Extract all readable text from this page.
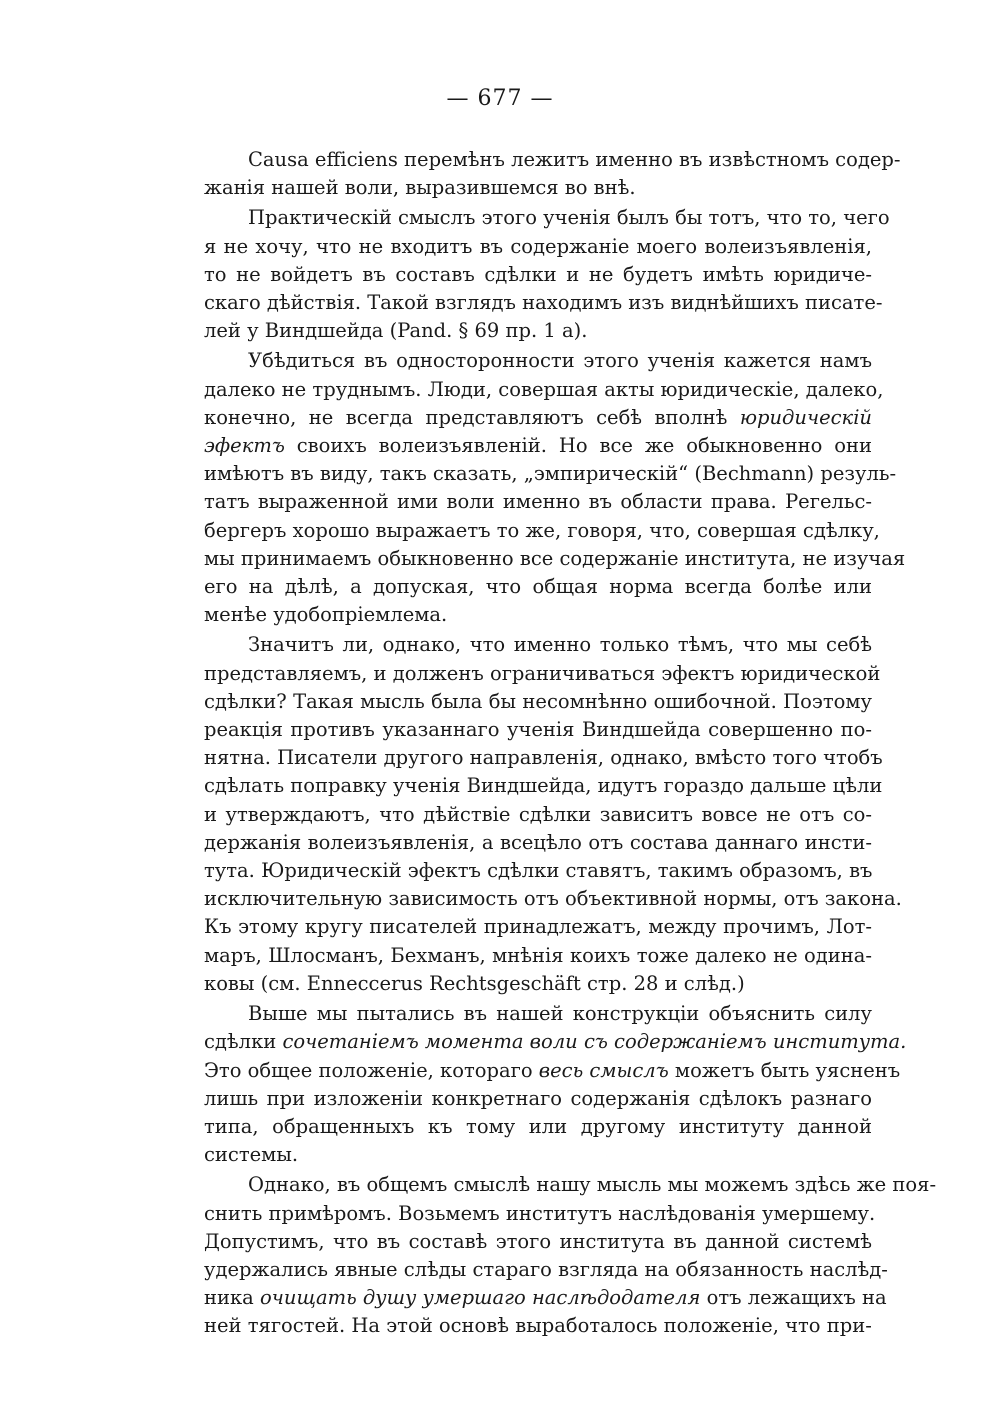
— 677 —
Causa efficiens перемѣнъ лежитъ именно въ извѣстномъ содер-
жанія нашей воли, выразившемся во внѣ.
Практическій смыслъ этого ученія былъ бы тотъ, что то, чего
я не хочу, что не входитъ въ содержаніе моего волеизъявленія,
то не войдетъ въ составъ сдѣлки и не будетъ имѣть юридиче-
скаго дѣйствія. Такой взглядъ находимъ изъ виднѣйшихъ писате-
лей у Виндшейда (Pand. § 69 пр. 1 а).
Убѣдиться въ односторонности этого ученія кажется намъ
далеко не труднымъ. Люди, совершая акты юридическіе, далеко,
конечно, не всегда представляютъ себѣ вполнѣ юридическій
эфектъ своихъ волеизъявленій. Но все же обыкновенно они
имѣютъ въ виду, такъ сказать, „эмпирическій“ (Bechmann) резуль-
татъ выраженной ими воли именно въ области права. Регельс-
бергеръ хорошо выражаетъ то же, говоря, что, совершая сдѣлку,
мы принимаемъ обыкновенно все содержаніе института, не изучая
его на дѣлѣ, а допуская, что общая норма всегда болѣе или
менѣе удобопріемлема.
Значитъ ли, однако, что именно только тѣмъ, что мы себѣ
представляемъ, и долженъ ограничиваться эфектъ юридической
сдѣлки? Такая мысль была бы несомнѣнно ошибочной. Поэтому
реакція противъ указаннаго ученія Виндшейда совершенно по-
нятна. Писатели другого направленія, однако, вмѣсто того чтобъ
сдѣлать поправку ученія Виндшейда, идутъ гораздо дальше цѣли
и утверждаютъ, что дѣйствіе сдѣлки зависитъ вовсе не отъ со-
держанія волеизъявленія, а всецѣло отъ состава даннаго инсти-
тута. Юридическій эфектъ сдѣлки ставятъ, такимъ образомъ, въ
исключительную зависимость отъ объективной нормы, отъ закона.
Къ этому кругу писателей принадлежатъ, между прочимъ, Лот-
маръ, Шлосманъ, Бехманъ, мнѣнія коихъ тоже далеко не одина-
ковы (см. Enneccerus Rechtsgeschäft стр. 28 и слѣд.)
Выше мы пытались въ нашей конструкціи объяснить силу
сдѣлки сочетаніемъ момента воли съ содержаніемъ института.
Это общее положеніе, котораго весь смыслъ можетъ быть уясненъ
лишь при изложеніи конкретнаго содержанія сдѣлокъ разнаго
типа, обращенныхъ къ тому или другому институту данной
системы.
Однако, въ общемъ смыслѣ нашу мысль мы можемъ здѣсь же поя-
снить примѣромъ. Возьмемъ институтъ наслѣдованія умершему.
Допустимъ, что въ составѣ этого института въ данной системѣ
удержались явные слѣды стараго взгляда на обязанность наслѣд-
ника очищать душу умершаго наслѣдодателя отъ лежащихъ на
ней тягостей. На этой основѣ выработалось положеніе, что при-
